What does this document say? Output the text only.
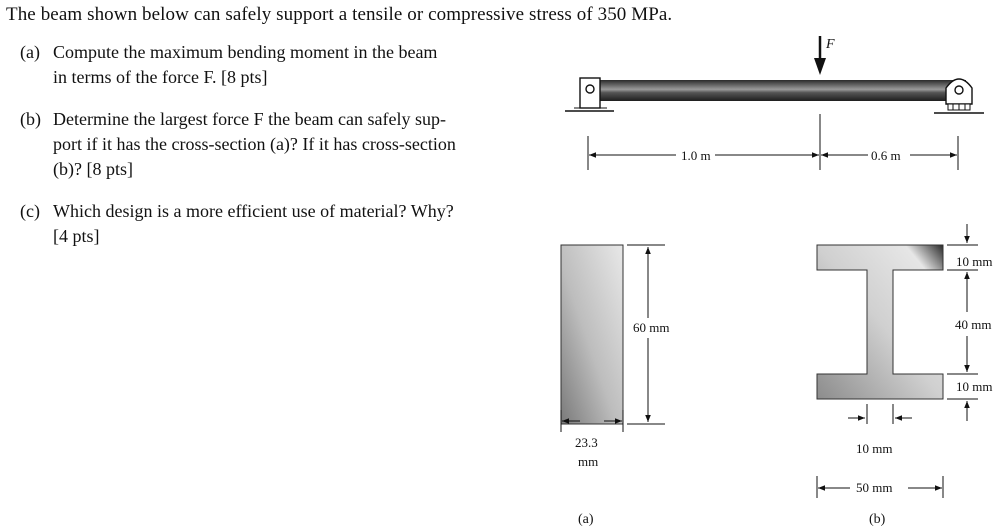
The beam shown below can safely support a tensile or compressive stress of 350 MPa.
(a) Compute the maximum bending moment in the beam
in terms of the force F. [8 pts]
(b) Determine the largest force F the beam can safely sup-
port if it has the cross-section (a)? If it has cross-section
(b)? [8 pts]
(c) Which design is a more efficient use of material? Why?
[4 pts]
F
1.0 m	0.6 m
60 mm
23.3
mm
(a)
10 mm
40 mm
10 mm
10 mm
50 mm
(b)
